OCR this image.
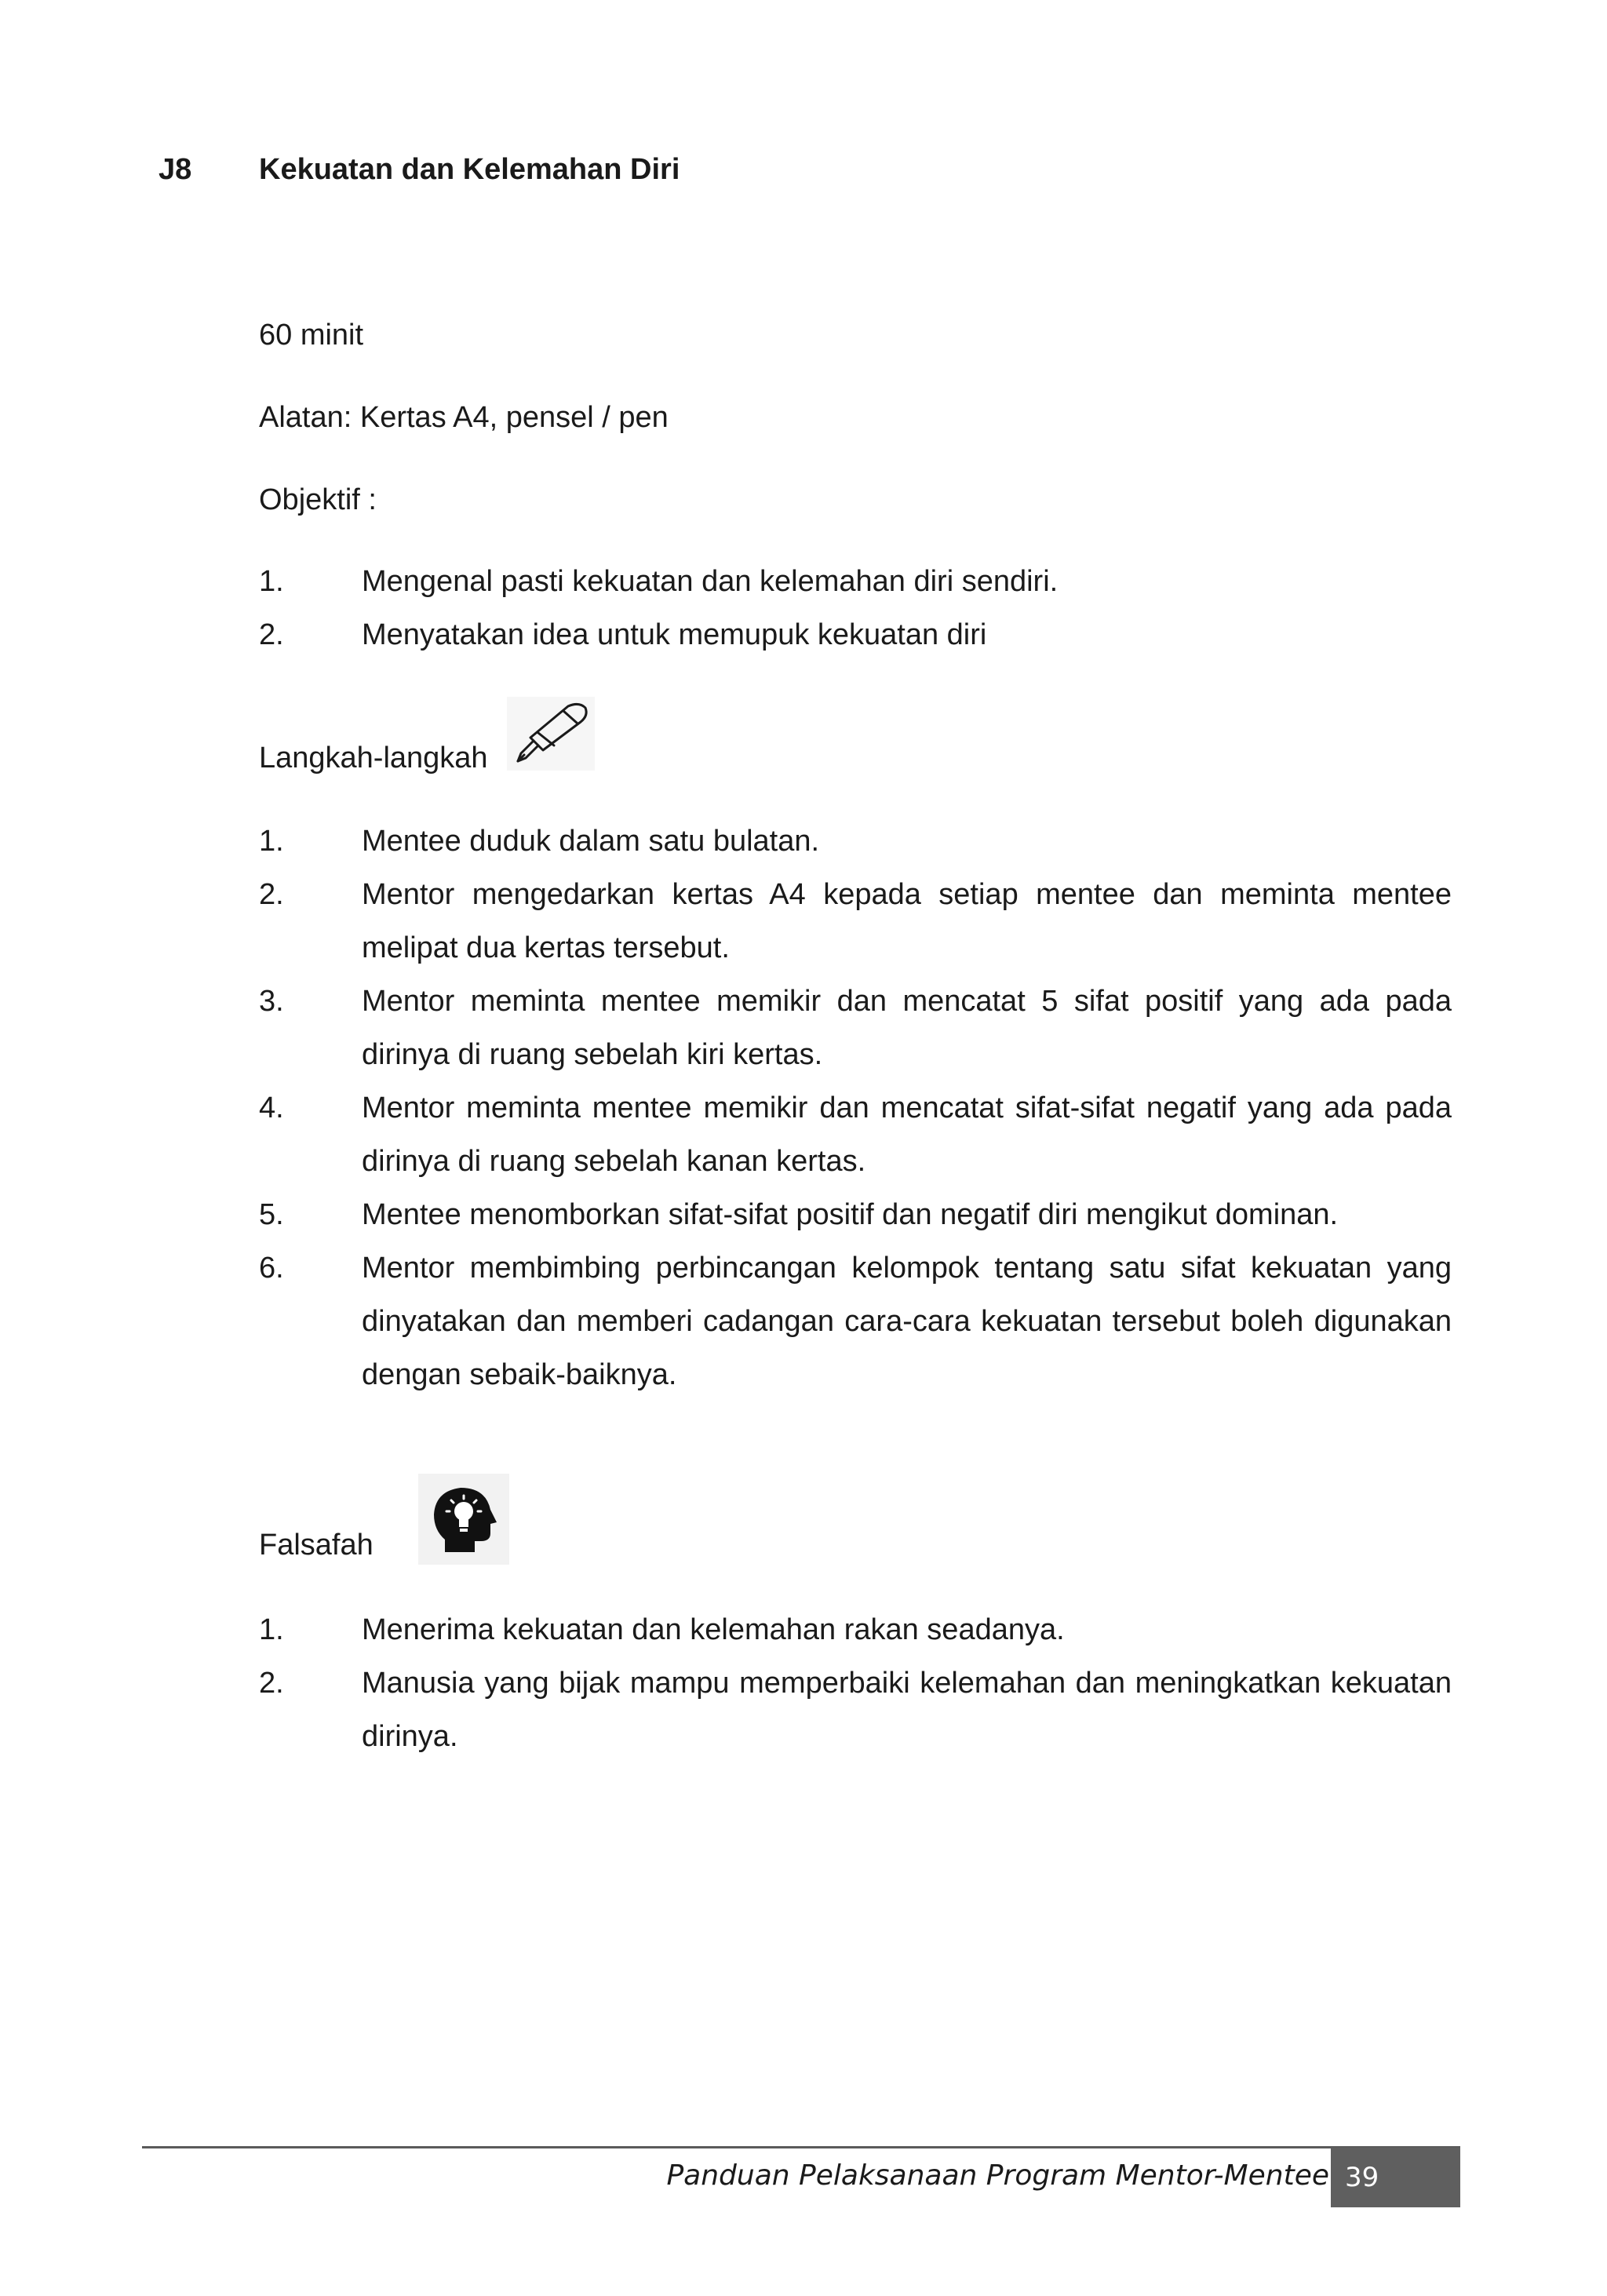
J8 Kekuatan dan Kelemahan Diri
60 minit
Alatan: Kertas A4, pensel / pen
Objektif :
1.	Mengenal pasti kekuatan dan kelemahan diri sendiri.
2.	Menyatakan idea untuk memupuk kekuatan diri
Langkah-langkah
1.	Mentee duduk dalam satu bulatan.
2.	Mentor mengedarkan kertas A4 kepada setiap mentee dan meminta mentee melipat dua kertas tersebut.
3.	Mentor meminta mentee memikir dan mencatat 5 sifat positif yang ada pada dirinya di ruang sebelah kiri kertas.
4.	Mentor meminta mentee memikir dan mencatat sifat-sifat negatif yang ada pada dirinya di ruang sebelah kanan kertas.
5.	Mentee menomborkan sifat-sifat positif dan negatif diri mengikut dominan.
6.	Mentor membimbing perbincangan kelompok tentang satu sifat kekuatan yang dinyatakan dan memberi cadangan cara-cara kekuatan tersebut boleh digunakan dengan sebaik-baiknya.
Falsafah
1.	Menerima kekuatan dan kelemahan rakan seadanya.
2.	Manusia yang bijak mampu memperbaiki kelemahan dan meningkatkan kekuatan dirinya.
Panduan Pelaksanaan Program Mentor-Mentee 39
